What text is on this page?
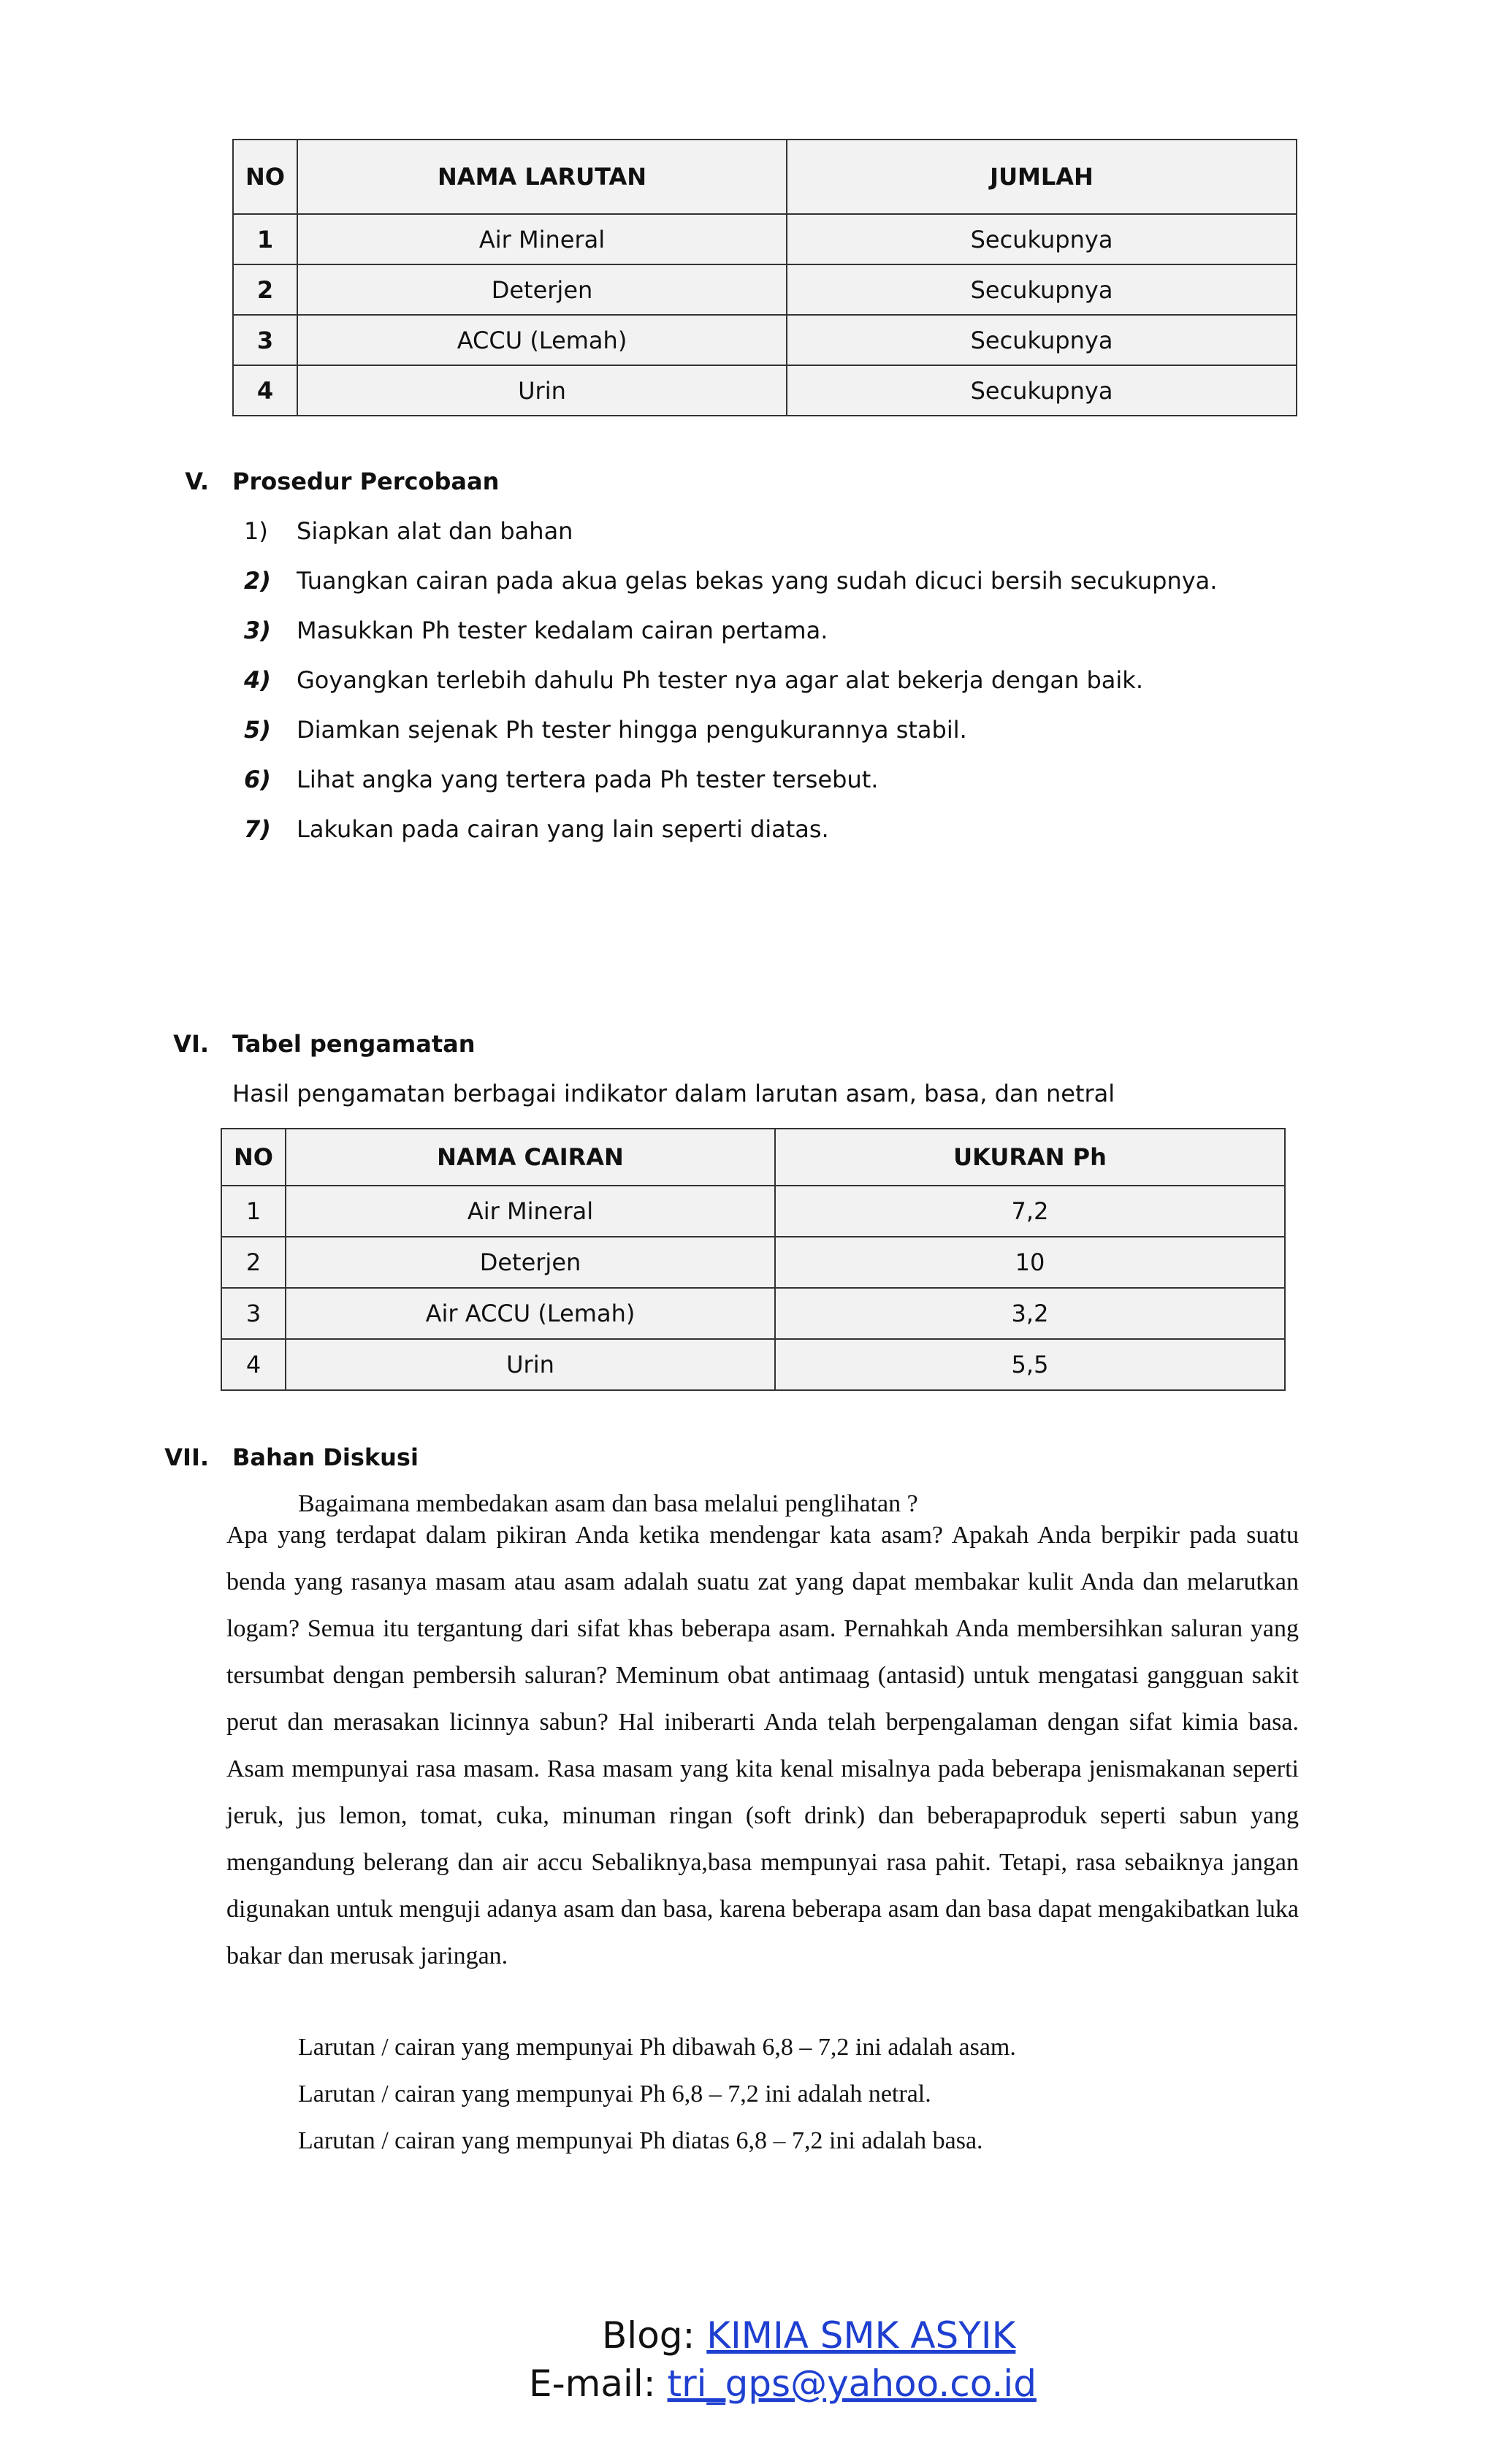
NO	NAMA LARUTAN	JUMLAH
1	Air Mineral	Secukupnya
2	Deterjen	Secukupnya
3	ACCU (Lemah)	Secukupnya
4	Urin	Secukupnya
V. Prosedur Percobaan
1) Siapkan alat dan bahan
2) Tuangkan cairan pada akua gelas bekas yang sudah dicuci bersih secukupnya.
3) Masukkan Ph tester kedalam cairan pertama.
4) Goyangkan terlebih dahulu Ph tester nya agar alat bekerja dengan baik.
5) Diamkan sejenak Ph tester hingga pengukurannya stabil.
6) Lihat angka yang tertera pada Ph tester tersebut.
7) Lakukan pada cairan yang lain seperti diatas.
VI. Tabel pengamatan
Hasil pengamatan berbagai indikator dalam larutan asam, basa, dan netral
NO	NAMA CAIRAN	UKURAN Ph
1	Air Mineral	7,2
2	Deterjen	10
3	Air ACCU (Lemah)	3,2
4	Urin	5,5
VII. Bahan Diskusi
Bagaimana membedakan asam dan basa melalui penglihatan ?
Apa yang terdapat dalam pikiran Anda ketika mendengar kata asam? Apakah Anda berpikir pada suatu benda yang rasanya masam atau asam adalah suatu zat yang dapat membakar kulit Anda dan melarutkan logam? Semua itu tergantung dari sifat khas beberapa asam. Pernahkah Anda membersihkan saluran yang tersumbat dengan pembersih saluran? Meminum obat antimaag (antasid) untuk mengatasi gangguan sakit perut dan merasakan licinnya sabun? Hal iniberarti Anda telah berpengalaman dengan sifat kimia basa. Asam mempunyai rasa masam. Rasa masam yang kita kenal misalnya pada beberapa jenismakanan seperti jeruk, jus lemon, tomat, cuka, minuman ringan (soft drink) dan beberapaproduk seperti sabun yang mengandung belerang dan air accu Sebaliknya,basa mempunyai rasa pahit. Tetapi, rasa sebaiknya jangan digunakan untuk menguji adanya asam dan basa, karena beberapa asam dan basa dapat mengakibatkan luka bakar dan merusak jaringan.
Larutan / cairan yang mempunyai Ph dibawah 6,8 – 7,2 ini adalah asam.
Larutan / cairan yang mempunyai Ph 6,8 – 7,2 ini adalah netral.
Larutan / cairan yang mempunyai Ph diatas 6,8 – 7,2 ini adalah basa.
Blog: KIMIA SMK ASYIK
E-mail: tri_gps@yahoo.co.id
